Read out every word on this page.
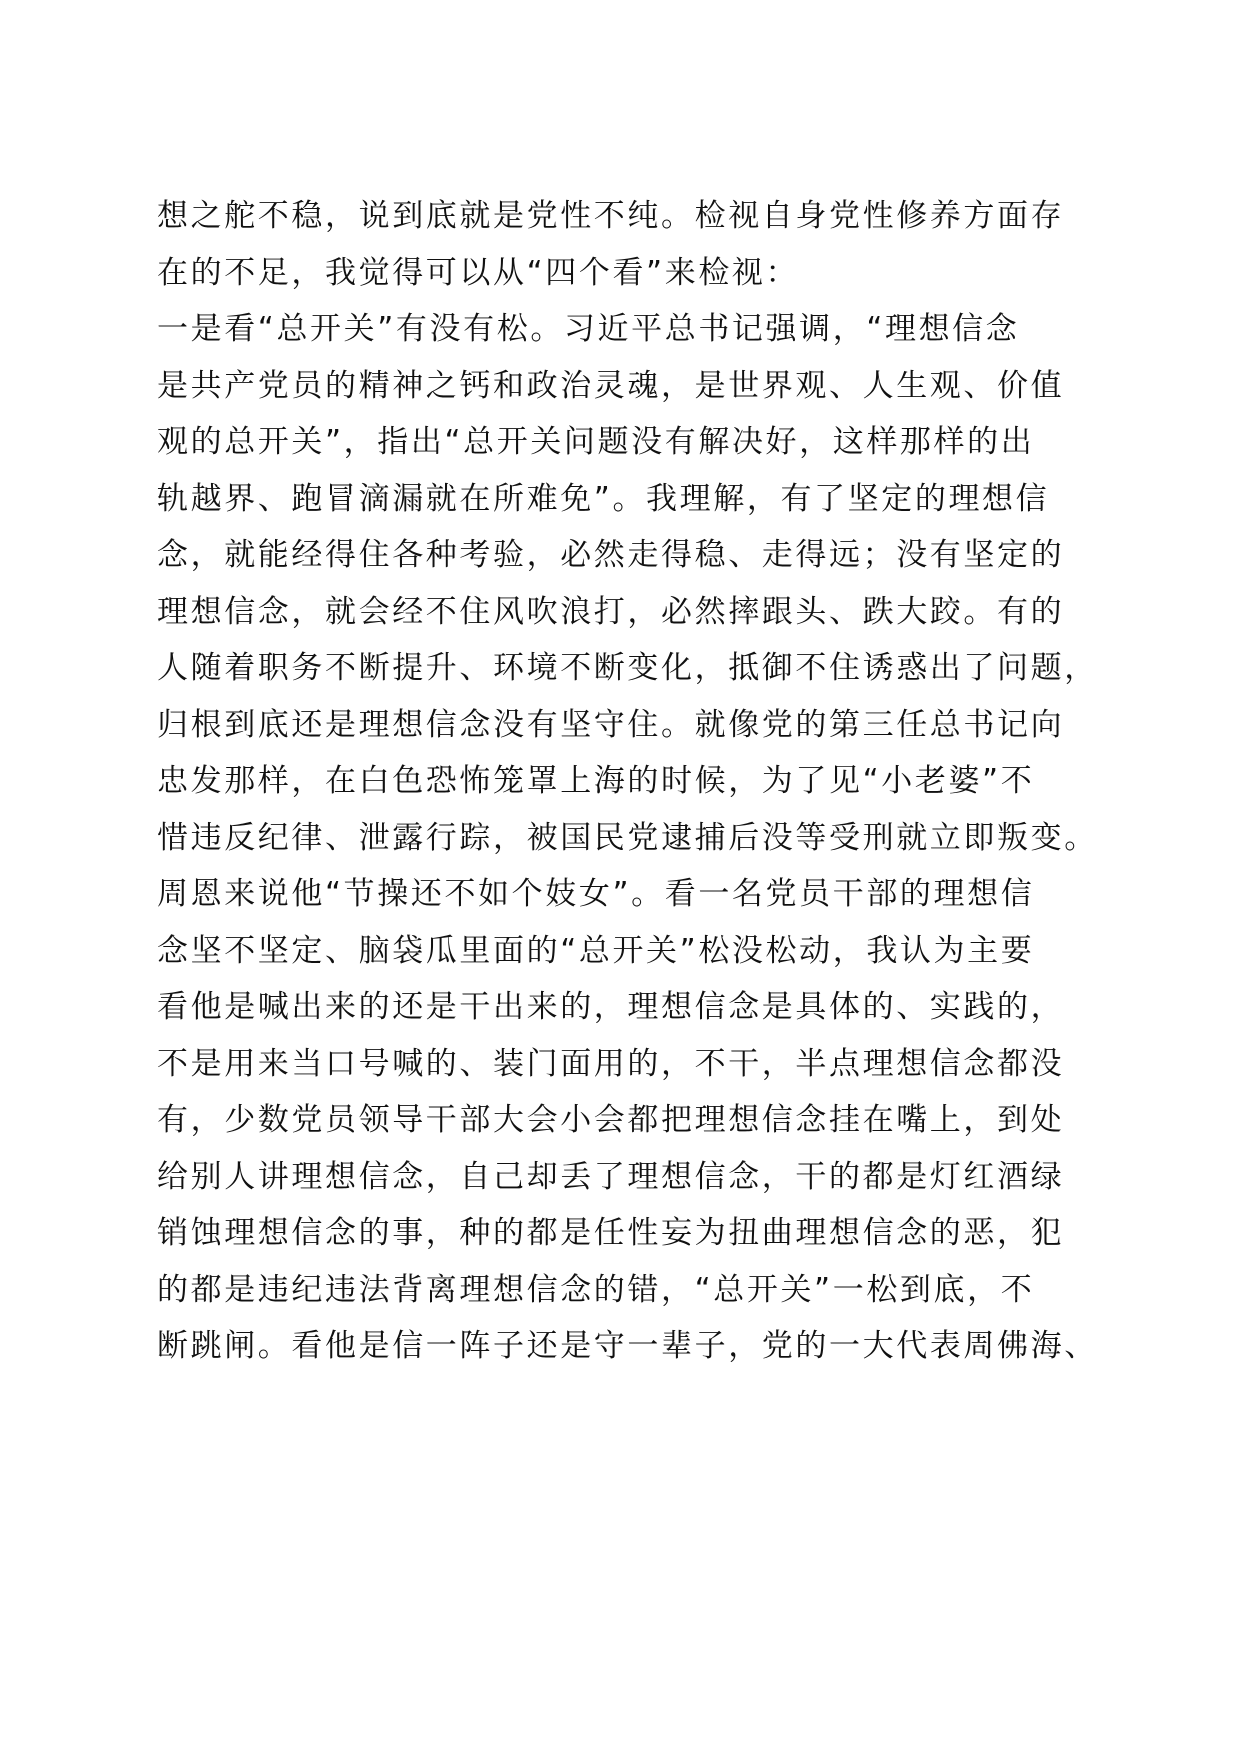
想之舵不稳，说到底就是党性不纯。检视自身党性修养方面存
在的不足，我觉得可以从“四个看”来检视：
一是看“总开关”有没有松。习近平总书记强调，“理想信念
是共产党员的精神之钙和政治灵魂，是世界观、人生观、价值
观的总开关”，指出“总开关问题没有解决好，这样那样的出
轨越界、跑冒滴漏就在所难免”。我理解，有了坚定的理想信
念，就能经得住各种考验，必然走得稳、走得远；没有坚定的
理想信念，就会经不住风吹浪打，必然摔跟头、跌大跤。有的
人随着职务不断提升、环境不断变化，抵御不住诱惑出了问题，
归根到底还是理想信念没有坚守住。就像党的第三任总书记向
忠发那样，在白色恐怖笼罩上海的时候，为了见“小老婆”不
惜违反纪律、泄露行踪，被国民党逮捕后没等受刑就立即叛变。
周恩来说他“节操还不如个妓女”。看一名党员干部的理想信
念坚不坚定、脑袋瓜里面的“总开关”松没松动，我认为主要
看他是喊出来的还是干出来的，理想信念是具体的、实践的，
不是用来当口号喊的、装门面用的，不干，半点理想信念都没
有，少数党员领导干部大会小会都把理想信念挂在嘴上，到处
给别人讲理想信念，自己却丢了理想信念，干的都是灯红酒绿
销蚀理想信念的事，种的都是任性妄为扭曲理想信念的恶，犯
的都是违纪违法背离理想信念的错，“总开关”一松到底，不
断跳闸。看他是信一阵子还是守一辈子，党的一大代表周佛海、
